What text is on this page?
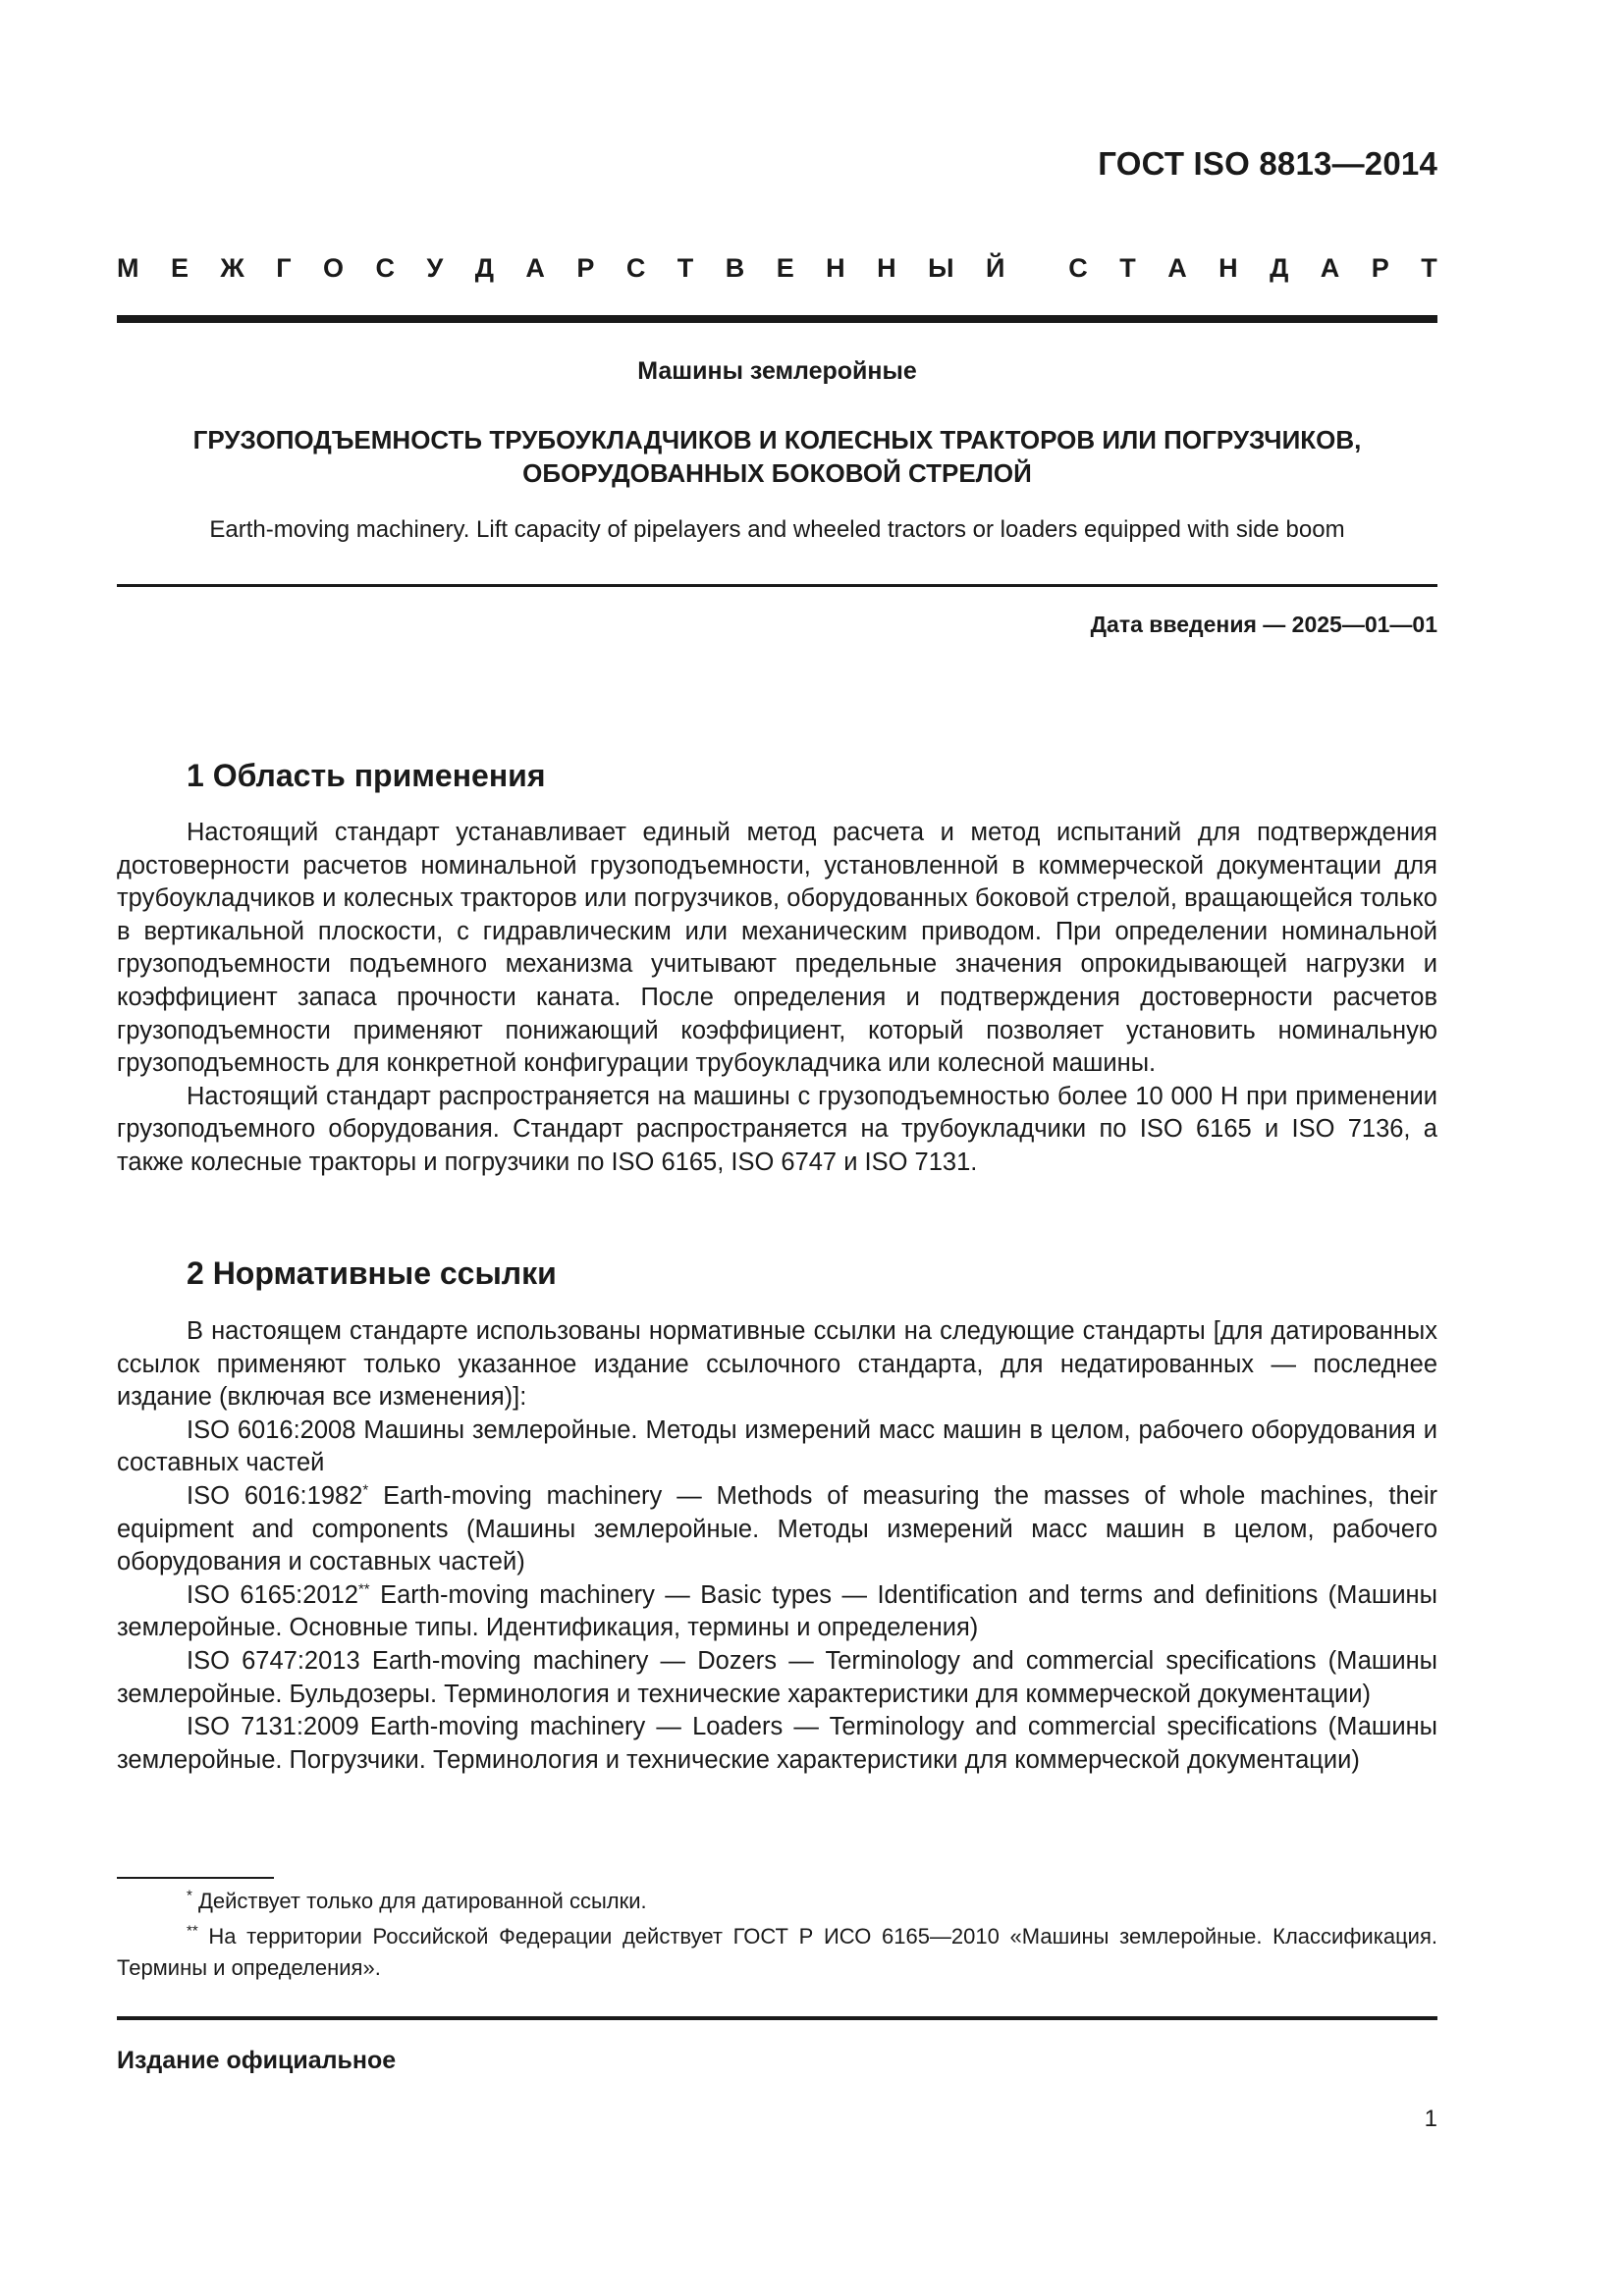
ГОСТ ISO 8813—2014
М Е Ж Г О С У Д А Р С Т В Е Н Н Ы Й С Т А Н Д А Р Т
Машины землеройные
ГРУЗОПОДЪЕМНОСТЬ ТРУБОУКЛАДЧИКОВ И КОЛЕСНЫХ ТРАКТОРОВ ИЛИ ПОГРУЗЧИКОВ,
ОБОРУДОВАННЫХ БОКОВОЙ СТРЕЛОЙ
Earth-moving machinery. Lift capacity of pipelayers and wheeled tractors or loaders equipped with side boom
Дата введения — 2025—01—01
1 Область применения

Настоящий стандарт устанавливает единый метод расчета и метод испытаний для подтверждения достоверности расчетов номинальной грузоподъемности, установленной в коммерческой документации для трубоукладчиков и колесных тракторов или погрузчиков, оборудованных боковой стрелой, вращающейся только в вертикальной плоскости, с гидравлическим или механическим приводом. При определении номинальной грузоподъемности подъемного механизма учитывают предельные значения опрокидывающей нагрузки и коэффициент запаса прочности каната. После определения и подтверждения достоверности расчетов грузоподъемности применяют понижающий коэффициент, который позволяет установить номинальную грузоподъемность для конкретной конфигурации трубоукладчика или колесной машины.

Настоящий стандарт распространяется на машины с грузоподъемностью более 10 000 Н при применении грузоподъемного оборудования. Стандарт распространяется на трубоукладчики по ISO 6165 и ISO 7136, а также колесные тракторы и погрузчики по ISO 6165, ISO 6747 и ISO 7131.

2 Нормативные ссылки

В настоящем стандарте использованы нормативные ссылки на следующие стандарты [для датированных ссылок применяют только указанное издание ссылочного стандарта, для недатированных — последнее издание (включая все изменения)]:

ISO 6016:2008 Машины землеройные. Методы измерений масс машин в целом, рабочего оборудования и составных частей

ISO 6016:1982* Earth-moving machinery — Methods of measuring the masses of whole machines, their equipment and components (Машины землеройные. Методы измерений масс машин в целом, рабочего оборудования и составных частей)

ISO 6165:2012** Earth-moving machinery — Basic types — Identification and terms and definitions (Машины землеройные. Основные типы. Идентификация, термины и определения)

ISO 6747:2013 Earth-moving machinery — Dozers — Terminology and commercial specifications (Машины землеройные. Бульдозеры. Терминология и технические характеристики для коммерческой документации)

ISO 7131:2009 Earth-moving machinery — Loaders — Terminology and commercial specifications (Машины землеройные. Погрузчики. Терминология и технические характеристики для коммерческой документации)

* Действует только для датированной ссылки.

** На территории Российской Федерации действует ГОСТ Р ИСО 6165—2010 «Машины землеройные. Классификация. Термины и определения».

Издание официальное
1
